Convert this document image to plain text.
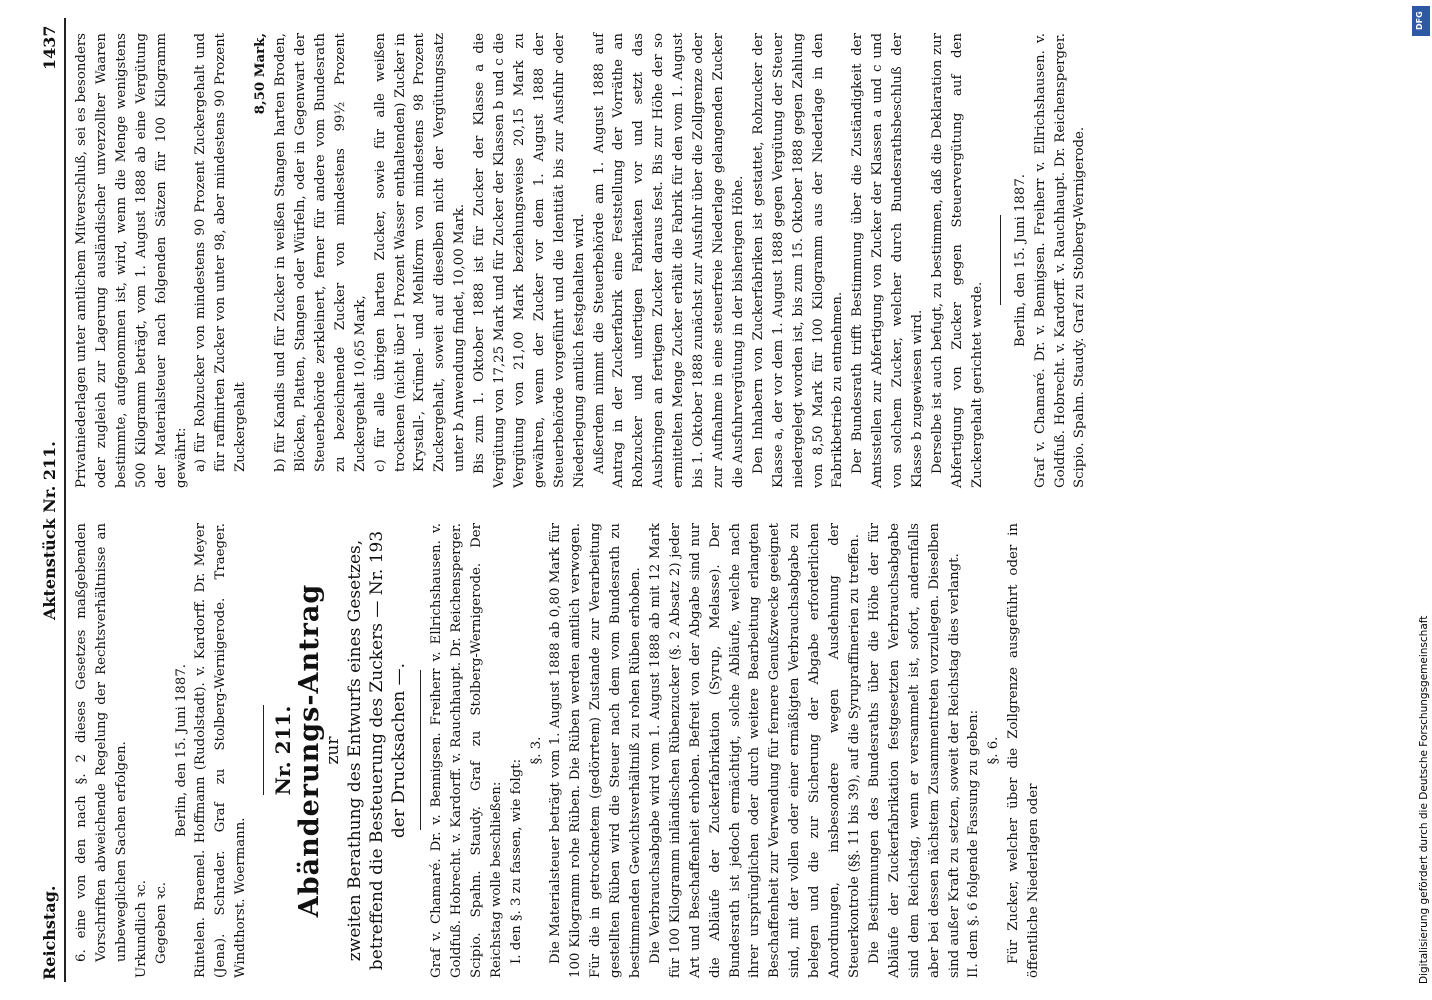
Reichstag.
Aktenstück Nr. 211.
1437

6. eine von den nach §. 2 dieses Gesetzes maßgebenden Vorschriften abweichende Regelung der Rechtsverhältnisse an unbeweglichen Sachen erfolgen. Urkundlich ꝛc. Gegeben ꝛc.

Berlin, den 15. Juni 1887. Rintelen. Braemel. Hoffmann (Rudolstadt). v. Kardorff. Dr. Meyer (Jena). Schrader. Graf zu Stolberg-Wernigerode. Traeger. Windthorst. Woermann.

Nr. 211.
Abänderungs-Antrag
zur zweiten Berathung des Entwurfs eines Gesetzes, betreffend die Besteuerung des Zuckers — Nr. 193 der Drucksachen —. Graf v. Chamaré. Dr. v. Bennigsen. Freiherr v. Ellrichshausen. v. Goldfuß. Hobrecht. v. Kardorff. v. Rauchhaupt. Dr. Reichensperger. Scipio. Spahn. Staudy. Graf zu Stolberg-Wernigerode. Der Reichstag wolle beschließen: I. den §. 3 zu fassen, wie folgt:

§. 3. Die Materialsteuer beträgt vom 1. August 1888 ab 0,80 Mark für 100 Kilogramm rohe Rüben. Die Rüben werden amtlich verwogen. Für die in getrocknetem (gedörrtem) Zustande zur Verarbeitung gestellten Rüben wird die Steuer nach dem vom Bundesrath zu bestimmenden Gewichtsverhältniß zu rohen Rüben erhoben. Die Verbrauchsabgabe wird vom 1. August 1888 ab mit 12 Mark für 100 Kilogramm inländischen Rübenzucker (§. 2 Absatz 2) jeder Art und Beschaffenheit erhoben. Befreit von der Abgabe sind nur die Abläufe der Zuckerfabrikation (Syrup, Melasse). Der Bundesrath ist jedoch ermächtigt, solche Abläufe, welche nach ihrer ursprünglichen oder durch weitere Bearbeitung erlangten Beschaffenheit zur Verwendung für fernere Genußzwecke geeignet sind, mit der vollen oder einer ermäßigten Verbrauchsabgabe zu belegen und die zur Sicherung der Abgabe erforderlichen Anordnungen, insbesondere wegen Ausdehnung der Steuerkontrole (§§. 11 bis 39), auf die Syrupraffinerien zu treffen. Die Bestimmungen des Bundesraths über die Höhe der für Abläufe der Zuckerfabrikation festgesetzten Verbrauchsabgabe sind dem Reichstag, wenn er versammelt ist, sofort, andernfalls aber bei dessen nächstem Zusammentreten vorzulegen. Dieselben sind außer Kraft zu setzen, soweit der Reichstag dies verlangt. II. dem §. 6 folgende Fassung zu geben: §. 6. Für Zucker, welcher über die Zollgrenze ausgeführt oder in öffentliche Niederlagen oder

Privatniederlagen unter amtlichem Mitverschluß, sei es besonders oder zugleich zur Lagerung ausländischer unverzollter Waaren bestimmte, aufgenommen ist, wird, wenn die Menge wenigstens 500 Kilogramm beträgt, vom 1. August 1888 ab eine Vergütung der Materialsteuer nach folgenden Sätzen für 100 Kilogramm gewährt: a) für Rohzucker von mindestens 90 Prozent Zuckergehalt und für raffinirten Zucker von unter 98, aber mindestens 90 Prozent Zuckergehalt

8,50 Mark, b) für Kandis und für Zucker in weißen Stangen harten Broden, Blöcken, Platten, Stangen oder Würfeln, oder in Gegenwart der Steuerbehörde zerkleinert, ferner für andere vom Bundesrath zu bezeichnende Zucker von mindestens 99½ Prozent Zuckergehalt 10,65 Mark, c) für alle übrigen harten Zucker, sowie für alle weißen trockenen (nicht über 1 Prozent Wasser enthaltenden) Zucker in Krystall-, Krümel- und Mehlform von mindestens 98 Prozent Zuckergehalt, soweit auf dieselben nicht der Vergütungssatz unter b Anwendung findet, 10,00 Mark. Bis zum 1. Oktober 1888 ist für Zucker der Klasse a die Vergütung von 17,25 Mark und für Zucker der Klassen b und c die Vergütung von 21,00 Mark beziehungsweise 20,15 Mark zu gewähren, wenn der Zucker vor dem 1. August 1888 der Steuerbehörde vorgeführt und die Identität bis zur Ausfuhr oder Niederlegung amtlich festgehalten wird. Außerdem nimmt die Steuerbehörde am 1. August 1888 auf Antrag in der Zuckerfabrik eine Feststellung der Vorräthe an Rohzucker und unfertigen Fabrikaten vor und setzt das Ausbringen an fertigem Zucker daraus fest. Bis zur Höhe der so ermittelten Menge Zucker erhält die Fabrik für den vom 1. August bis 1. Oktober 1888 zunächst zur Ausfuhr über die Zollgrenze oder zur Aufnahme in eine steuerfreie Niederlage gelangenden Zucker die Ausfuhrvergütung in der bisherigen Höhe. Den Inhabern von Zuckerfabriken ist gestattet, Rohzucker der Klasse a, der vor dem 1. August 1888 gegen Vergütung der Steuer niedergelegt worden ist, bis zum 15. Oktober 1888 gegen Zahlung von 8,50 Mark für 100 Kilogramm aus der Niederlage in den Fabrikbetrieb zu entnehmen. Der Bundesrath trifft Bestimmung über die Zuständigkeit der Amtsstellen zur Abfertigung von Zucker der Klassen a und c und von solchem Zucker, welcher durch Bundesrathsbeschluß der Klasse b zugewiesen wird. Derselbe ist auch befugt, zu bestimmen, daß die Deklaration zur Abfertigung von Zucker gegen Steuervergütung auf den Zuckergehalt gerichtet werde.

Berlin, den 15. Juni 1887. Graf v. Chamaré. Dr. v. Bennigsen. Freiherr v. Ellrichshausen. v. Goldfuß. Hobrecht. v. Kardorff. v. Rauchhaupt. Dr. Reichensperger. Scipio. Spahn. Staudy. Graf zu Stolberg-Wernigerode.

DFG
Digitalisierung gefördert durch die Deutsche Forschungsgemeinschaft
